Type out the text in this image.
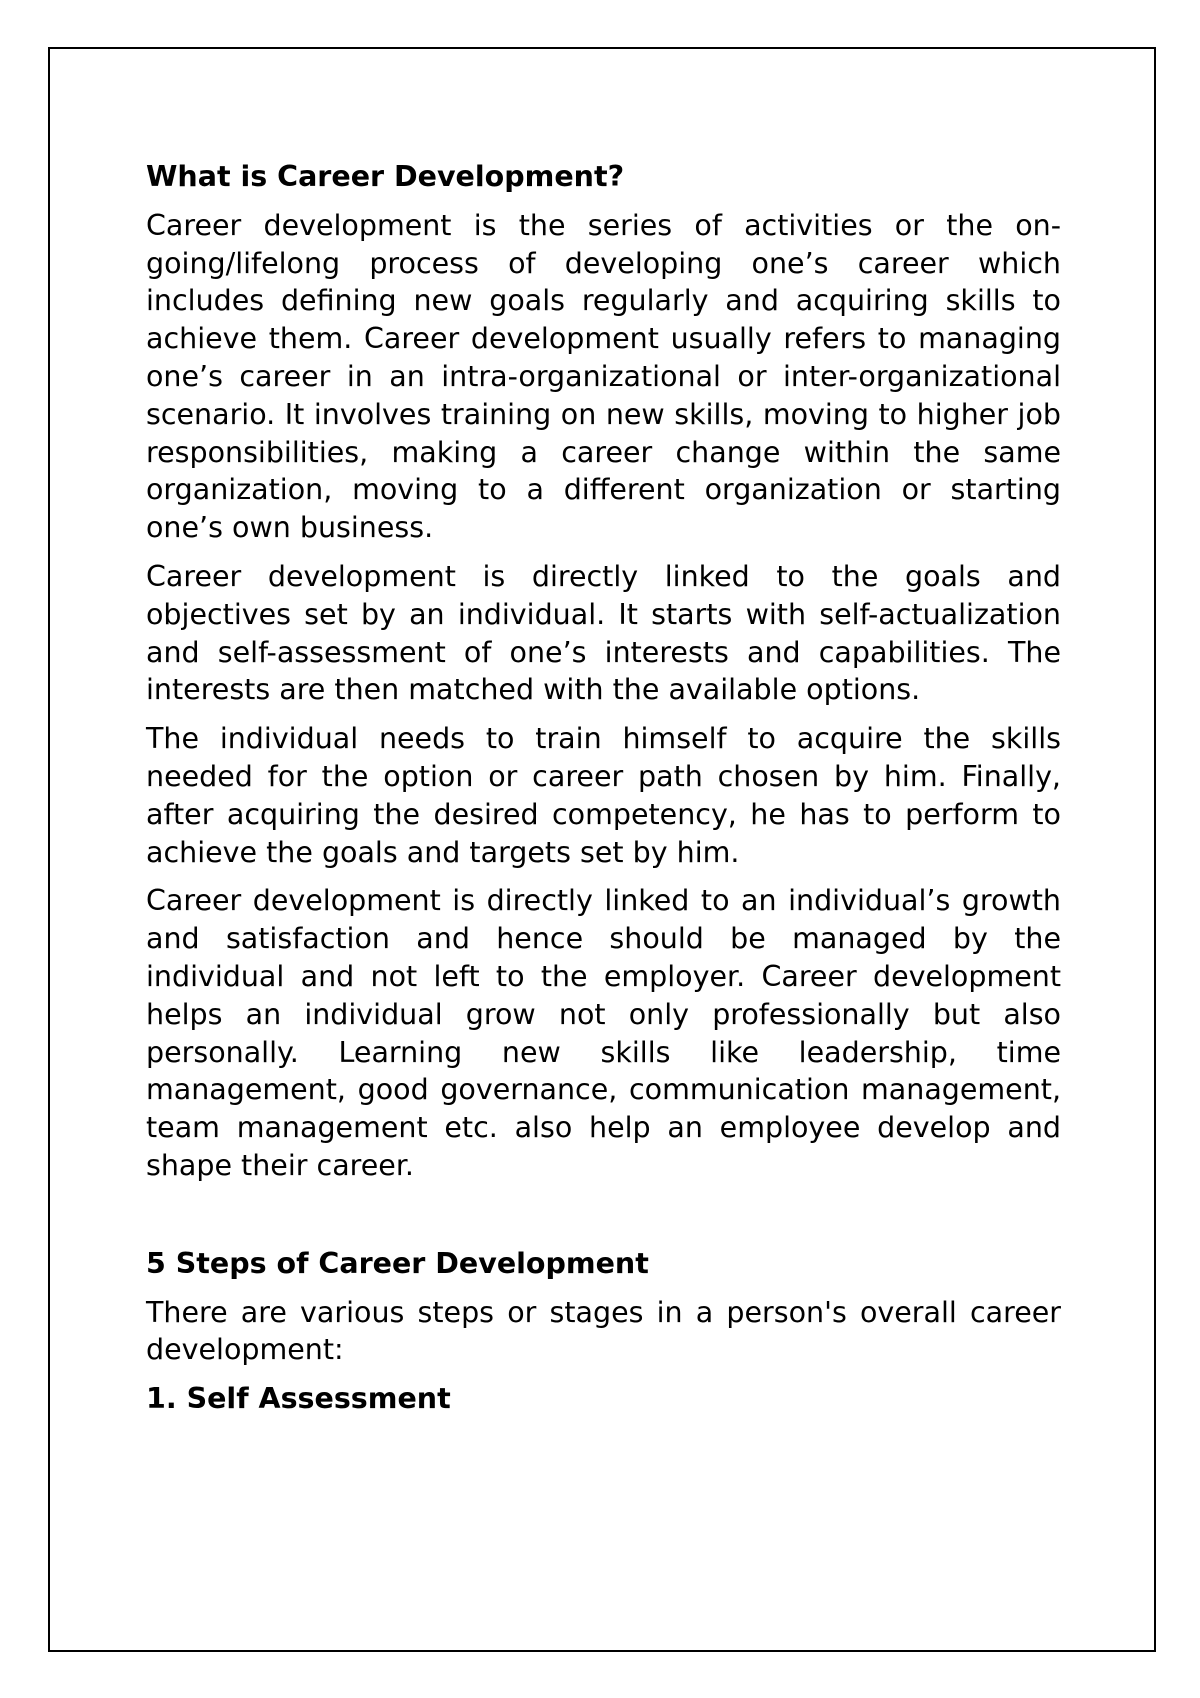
What is Career Development?

Career development is the series of activities or the on-going/lifelong process of developing one’s career which includes defining new goals regularly and acquiring skills to achieve them. Career development usually refers to managing one’s career in an intra-organizational or inter-organizational scenario. It involves training on new skills, moving to higher job responsibilities, making a career change within the same organization, moving to a different organization or starting one’s own business.

Career development is directly linked to the goals and objectives set by an individual. It starts with self-actualization and self-assessment of one’s interests and capabilities. The interests are then matched with the available options.

The individual needs to train himself to acquire the skills needed for the option or career path chosen by him. Finally, after acquiring the desired competency, he has to perform to achieve the goals and targets set by him.

Career development is directly linked to an individual’s growth and satisfaction and hence should be managed by the individual and not left to the employer. Career development helps an individual grow not only professionally but also personally. Learning new skills like leadership, time management, good governance, communication management, team management etc. also help an employee develop and shape their career.

5 Steps of Career Development

There are various steps or stages in a person's overall career development:

1. Self Assessment
